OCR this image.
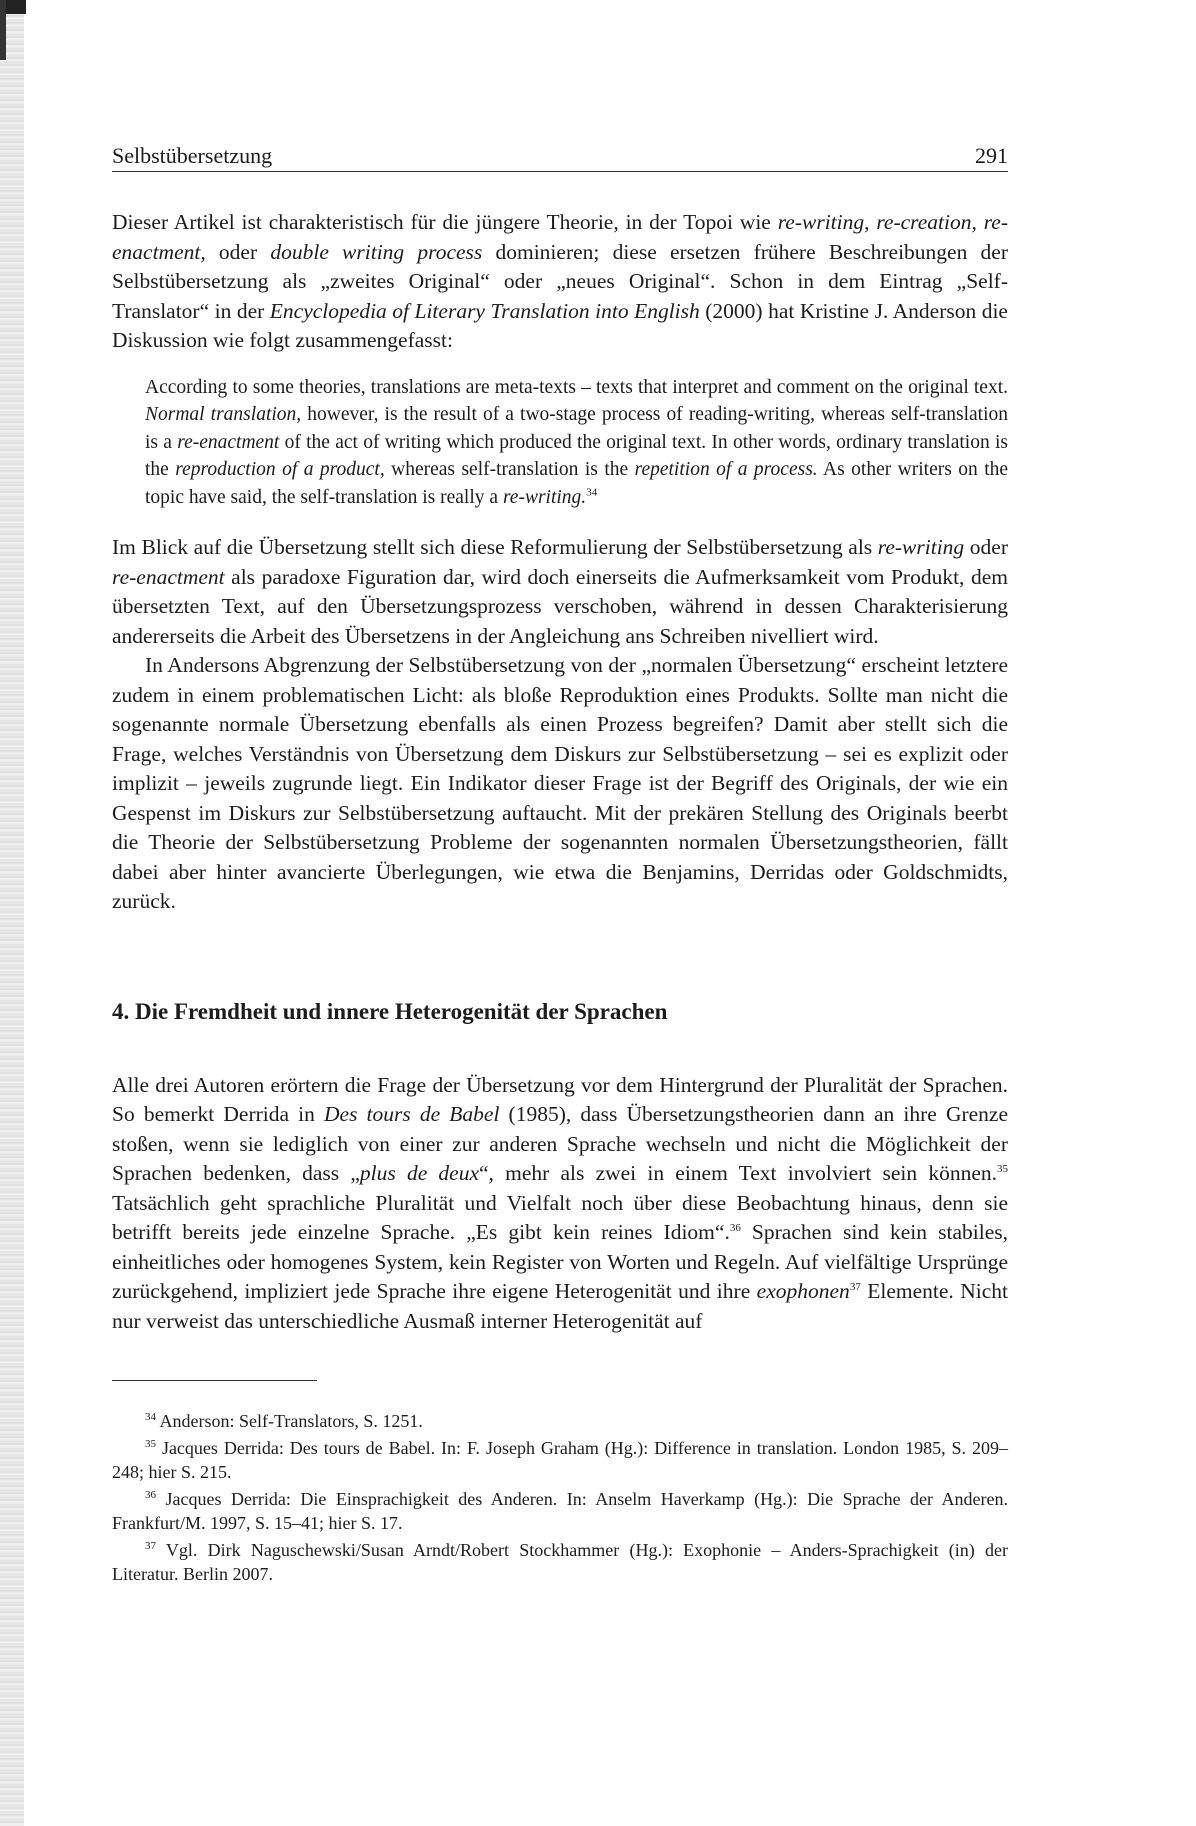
Selbstübersetzung	291

Dieser Artikel ist charakteristisch für die jüngere Theorie, in der Topoi wie re-writing, re-creation, re-enactment, oder double writing process dominieren; diese ersetzen frühere Beschreibungen der Selbstübersetzung als „zweites Original“ oder „neues Original“. Schon in dem Eintrag „Self-Translator“ in der Encyclopedia of Literary Translation into English (2000) hat Kristine J. Anderson die Diskussion wie folgt zusammengefasst:

According to some theories, translations are meta-texts – texts that interpret and comment on the original text. Normal translation, however, is the result of a two-stage process of reading-writing, whereas self-translation is a re-enactment of the act of writing which produced the original text. In other words, ordinary translation is the reproduction of a product, whereas self-translation is the repetition of a process. As other writers on the topic have said, the self-translation is really a re-writing.$^{34}$

Im Blick auf die Übersetzung stellt sich diese Reformulierung der Selbstübersetzung als re-writing oder re-enactment als paradoxe Figuration dar, wird doch einerseits die Aufmerksamkeit vom Produkt, dem übersetzten Text, auf den Übersetzungsprozess verschoben, während in dessen Charakterisierung andererseits die Arbeit des Übersetzens in der Angleichung ans Schreiben nivelliert wird.

In Andersons Abgrenzung der Selbstübersetzung von der „normalen Übersetzung“ erscheint letztere zudem in einem problematischen Licht: als bloße Reproduktion eines Produkts. Sollte man nicht die sogenannte normale Übersetzung ebenfalls als einen Prozess begreifen? Damit aber stellt sich die Frage, welches Verständnis von Übersetzung dem Diskurs zur Selbstübersetzung – sei es explizit oder implizit – jeweils zugrunde liegt. Ein Indikator dieser Frage ist der Begriff des Originals, der wie ein Gespenst im Diskurs zur Selbstübersetzung auftaucht. Mit der prekären Stellung des Originals beerbt die Theorie der Selbstübersetzung Probleme der sogenannten normalen Übersetzungstheorien, fällt dabei aber hinter avancierte Überlegungen, wie etwa die Benjamins, Derridas oder Goldschmidts, zurück.

4. Die Fremdheit und innere Heterogenität der Sprachen

Alle drei Autoren erörtern die Frage der Übersetzung vor dem Hintergrund der Pluralität der Sprachen. So bemerkt Derrida in Des tours de Babel (1985), dass Übersetzungstheorien dann an ihre Grenze stoßen, wenn sie lediglich von einer zur anderen Sprache wechseln und nicht die Möglichkeit der Sprachen bedenken, dass „plus de deux“, mehr als zwei in einem Text involviert sein können.$^{35}$ Tatsächlich geht sprachliche Pluralität und Vielfalt noch über diese Beobachtung hinaus, denn sie betrifft bereits jede einzelne Sprache. „Es gibt kein reines Idiom“.$^{36}$ Sprachen sind kein stabiles, einheitliches oder homogenes System, kein Register von Worten und Regeln. Auf vielfältige Ursprünge zurückgehend, impliziert jede Sprache ihre eigene Heterogenität und ihre exophonen$^{37}$ Elemente. Nicht nur verweist das unterschiedliche Ausmaß interner Heterogenität auf

$^{34}$ Anderson: Self-Translators, S. 1251.

$^{35}$ Jacques Derrida: Des tours de Babel. In: F. Joseph Graham (Hg.): Difference in translation. London 1985, S. 209–248; hier S. 215.

$^{36}$ Jacques Derrida: Die Einsprachigkeit des Anderen. In: Anselm Haverkamp (Hg.): Die Sprache der Anderen. Frankfurt/M. 1997, S. 15–41; hier S. 17.

$^{37}$ Vgl. Dirk Naguschewski/Susan Arndt/Robert Stockhammer (Hg.): Exophonie – Anders-Sprachigkeit (in) der Literatur. Berlin 2007.
